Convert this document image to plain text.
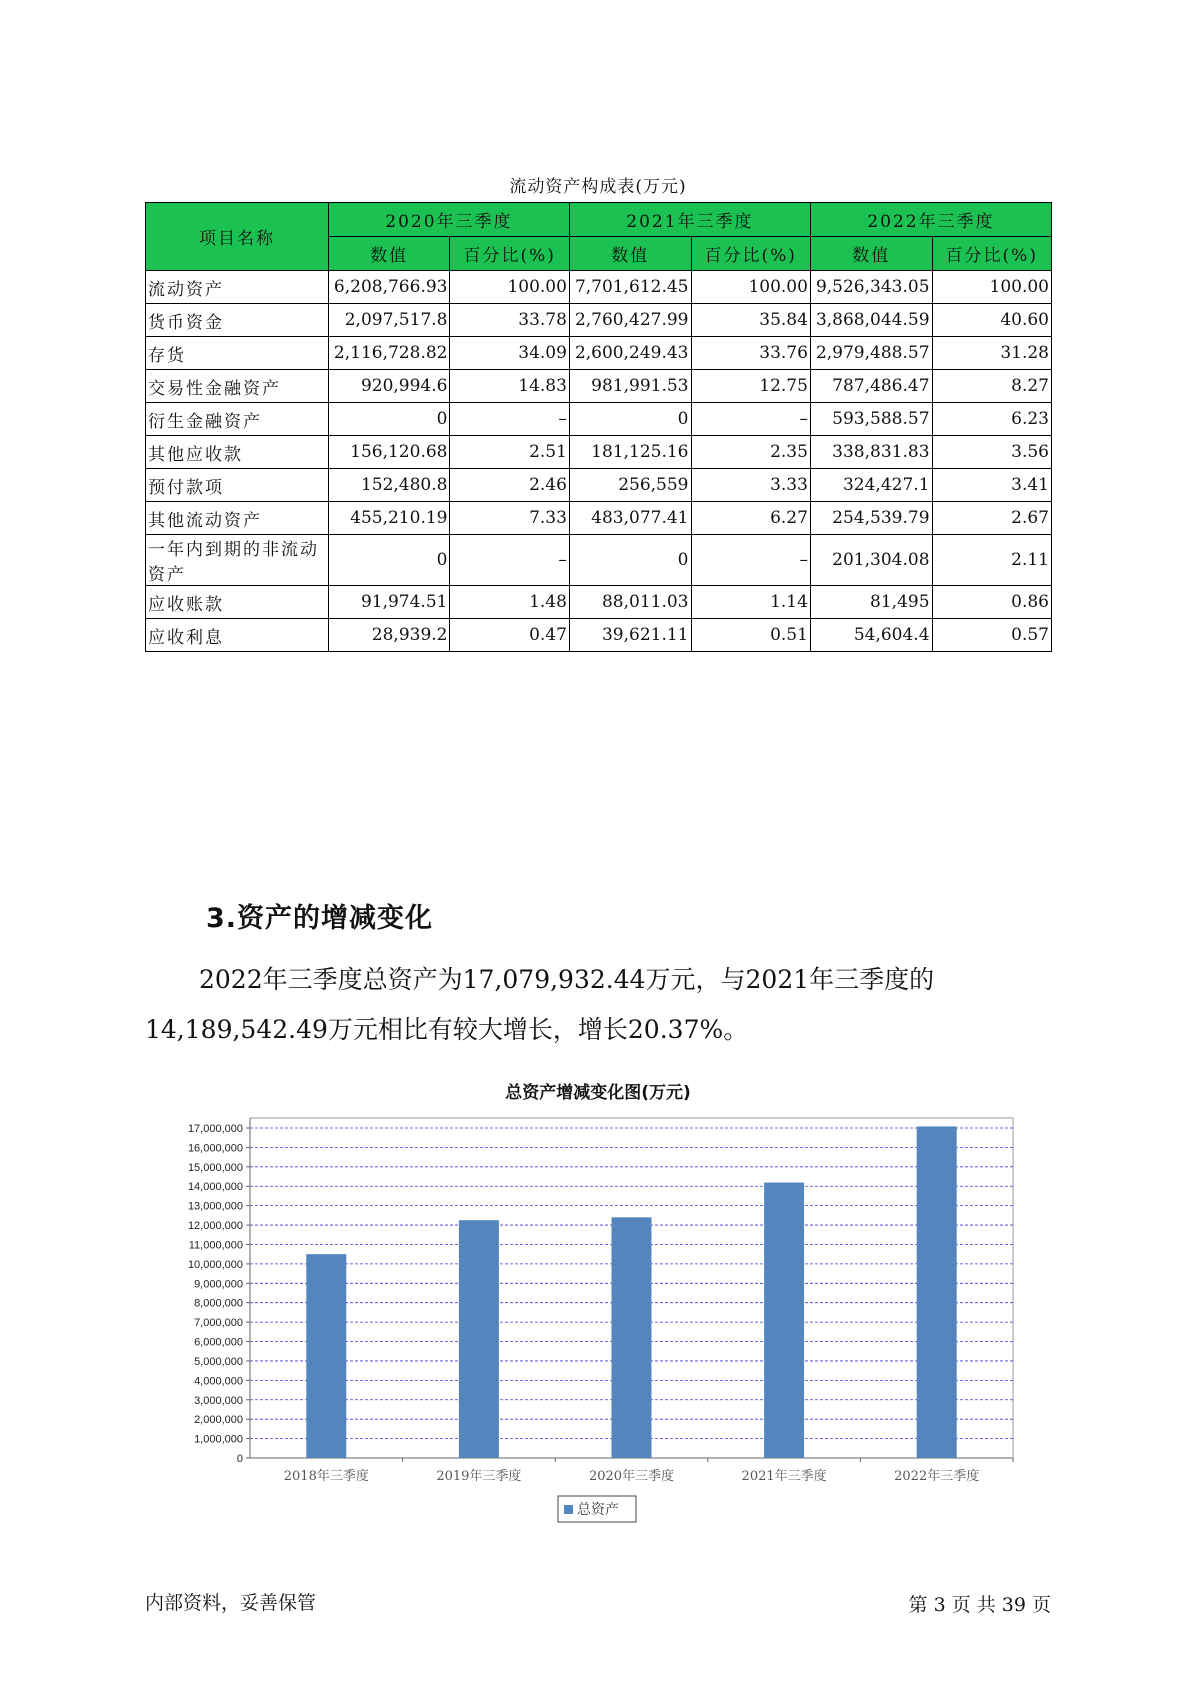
流动资产构成表(万元)
项目名称	2020年三季度		2021年三季度		2022年三季度	
	数值	百分比(%)	数值	百分比(%)	数值	百分比(%)
流动资产	6,208,766.93	100.00	7,701,612.45	100.00	9,526,343.05	100.00
货币资金	2,097,517.8	33.78	2,760,427.99	35.84	3,868,044.59	40.60
存货	2,116,728.82	34.09	2,600,249.43	33.76	2,979,488.57	31.28
交易性金融资产	920,994.6	14.83	981,991.53	12.75	787,486.47	8.27
衍生金融资产	0	–	0	–	593,588.57	6.23
其他应收款	156,120.68	2.51	181,125.16	2.35	338,831.83	3.56
预付款项	152,480.8	2.46	256,559	3.33	324,427.1	3.41
其他流动资产	455,210.19	7.33	483,077.41	6.27	254,539.79	2.67
一年内到期的非流动资产	0	–	0	–	201,304.08	2.11
应收账款	91,974.51	1.48	88,011.03	1.14	81,495	0.86
应收利息	28,939.2	0.47	39,621.11	0.51	54,604.4	0.57
3.资产的增减变化
2022年三季度总资产为17,079,932.44万元，与2021年三季度的14,189,542.49万元相比有较大增长，增长20.37%。
总资产增减变化图(万元)
0
1,000,000
2,000,000
3,000,000
4,000,000
5,000,000
6,000,000
7,000,000
8,000,000
9,000,000
10,000,000
11,000,000
12,000,000
13,000,000
14,000,000
15,000,000
16,000,000
17,000,000
2018年三季度	2019年三季度	2020年三季度	2021年三季度	2022年三季度
总资产
内部资料，妥善保管	第 3 页 共 39 页
